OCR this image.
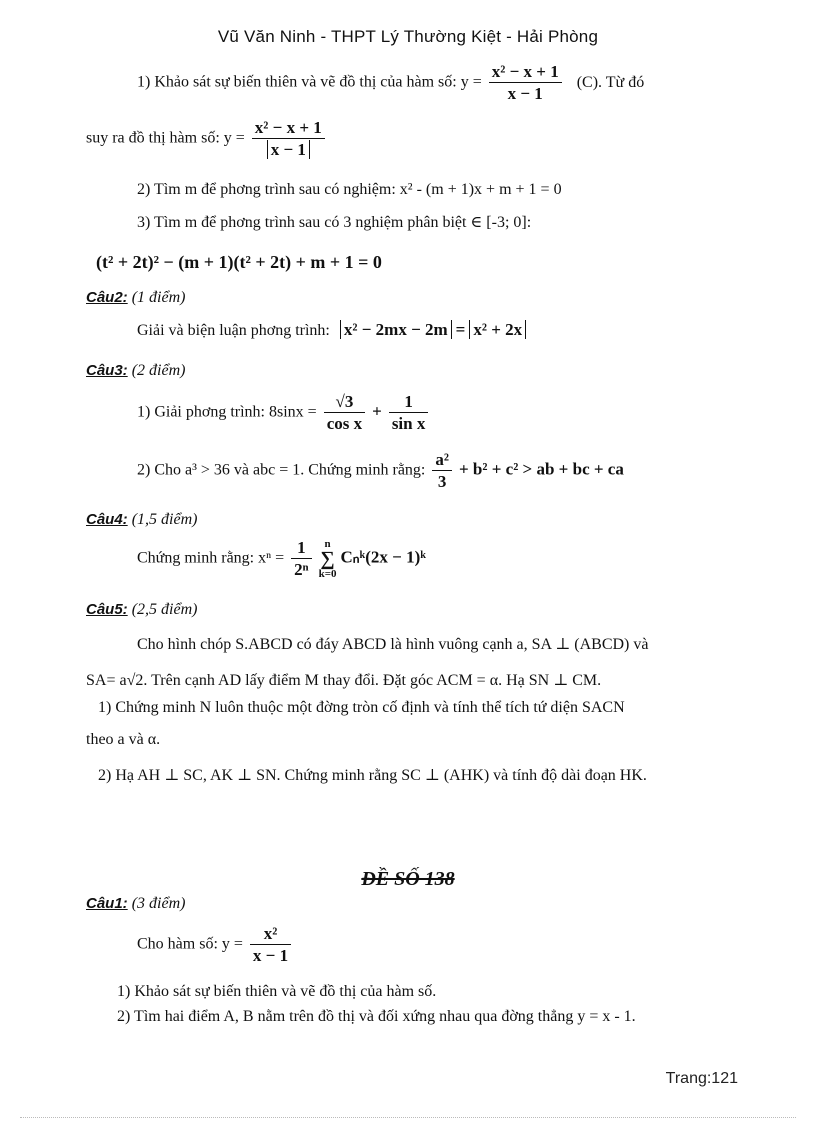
Vũ Văn Ninh - THPT Lý Thường Kiệt - Hải Phòng
1) Khảo sát sự biến thiên và vẽ đồ thị của hàm số: $y = \frac{\text{x² − x + 1}}{x - 1} (C)$. Từ đó
suy ra đồ thị hàm số: $y = \frac{\text{x² − x + 1}}{x - 1}$
2) Tìm m để phơng trình sau có nghiệm: x² - (m + 1)x + m + 1 = 0
3) Tìm m để phơng trình sau có 3 nghiệm phân biệt ∈ [-3; 0]:
(t² + 2t)² − (m + 1)(t² + 2t) + m + 1 = 0
Câu2: (1 điểm)
Giải và biện luận phơng trình: x² − 2mx − 2m = x² + 2x
Câu3: (2 điểm)
1) Giải phơng trình: $8\sin x = \frac{√3}{\text{cos x}} + \frac{1}{\text{sin x}}$
2) Cho a³ > 36 và abc = 1. Chứng minh rằng: $\frac{\text{a²}}{3} + b^2 + c^2$ > ab + bc + ca
Câu4: (1,5 điểm)
Chứng minh rằng: $x^n = \frac{1}{\text{2ⁿ}}$
	n
∑
k=0
Cₙᵏ(2x − 1)ᵏ
Câu5: (2,5 điểm)
Cho hình chóp S.ABCD có đáy ABCD là hình vuông cạnh a, SA ⊥ (ABCD) và
SA= a√2. Trên cạnh AD lấy điểm M thay đổi. Đặt góc ACM = α. Hạ SN ⊥ CM.
1) Chứng minh N luôn thuộc một đờng tròn cố định và tính thể tích tứ diện SACN
theo a và α.
2) Hạ AH ⊥ SC, AK ⊥ SN. Chứng minh rằng SC ⊥ (AHK) và tính độ dài đoạn HK.
ĐỀ SỐ 138
Câu1: (3 điểm)
Cho hàm số: $y = \frac{\text{x²}}{x - 1}$
1) Khảo sát sự biến thiên và vẽ đồ thị của hàm số.
2) Tìm hai điểm A, B nằm trên đồ thị và đối xứng nhau qua đờng thẳng y = x - 1.
Trang:121
